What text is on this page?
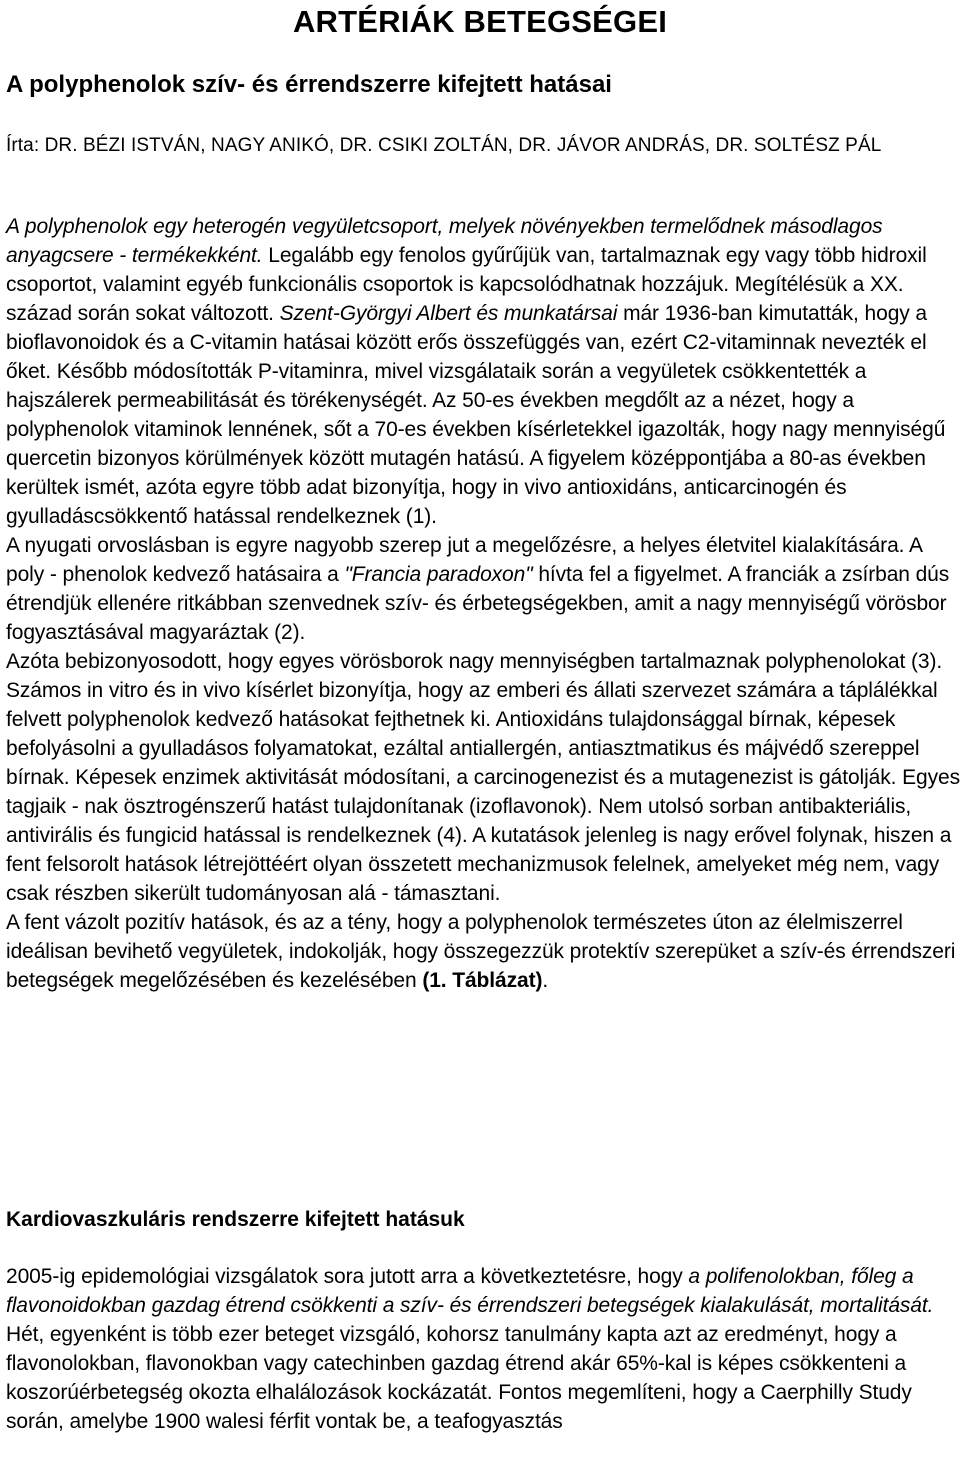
ARTÉRIÁK BETEGSÉGEI
A polyphenolok szív- és érrendszerre kifejtett hatásai

Írta: DR. BÉZI ISTVÁN, NAGY ANIKÓ, DR. CSIKI ZOLTÁN, DR. JÁVOR ANDRÁS, DR. SOLTÉSZ PÁL

A polyphenolok egy heterogén vegyületcsoport, melyek növényekben termelődnek másodlagos anyagcsere - termékekként. Legalább egy fenolos gyűrűjük van, tartalmaznak egy vagy több hidroxil csoportot, valamint egyéb funkcionális csoportok is kapcsolódhatnak hozzájuk. Megítélésük a XX. század során sokat változott. Szent-Györgyi Albert és munkatársai már 1936-ban kimutatták, hogy a bioflavonoidok és a C-vitamin hatásai között erős összefüggés van, ezért C2-vitaminnak nevezték el őket. Később módosították P-vitaminra, mivel vizsgálataik során a vegyületek csökkentették a hajszálerek permeabilitását és törékenységét. Az 50-es években megdőlt az a nézet, hogy a polyphenolok vitaminok lennének, sőt a 70-es években kísérletekkel igazolták, hogy nagy mennyiségű quercetin bizonyos körülmények között mutagén hatású. A figyelem középpontjába a 80-as években kerültek ismét, azóta egyre több adat bizonyítja, hogy in vivo antioxidáns, anticarcinogén és gyulladáscsökkentő hatással rendelkeznek (1).

A nyugati orvoslásban is egyre nagyobb szerep jut a megelőzésre, a helyes életvitel kialakítására. A poly - phenolok kedvező hatásaira a "Francia paradoxon" hívta fel a figyelmet. A franciák a zsírban dús étrendjük ellenére ritkábban szenvednek szív- és érbetegségekben, amit a nagy mennyiségű vörösbor fogyasztásával magyaráztak (2).

Azóta bebizonyosodott, hogy egyes vörösborok nagy mennyiségben tartalmaznak polyphenolokat (3). Számos in vitro és in vivo kísérlet bizonyítja, hogy az emberi és állati szervezet számára a táplálékkal felvett polyphenolok kedvező hatásokat fejthetnek ki. Antioxidáns tulajdonsággal bírnak, képesek befolyásolni a gyulladásos folyamatokat, ezáltal antiallergén, antiasztmatikus és májvédő szereppel bírnak. Képesek enzimek aktivitását módosítani, a carcinogenezist és a mutagenezist is gátolják. Egyes tagjaik - nak ösztrogénszerű hatást tulajdonítanak (izoflavonok). Nem utolsó sorban antibakteriális, antivirális és fungicid hatással is rendelkeznek (4). A kutatások jelenleg is nagy erővel folynak, hiszen a fent felsorolt hatások létrejöttéért olyan összetett mechanizmusok felelnek, amelyeket még nem, vagy csak részben sikerült tudományosan alá - támasztani.

A fent vázolt pozitív hatások, és az a tény, hogy a polyphenolok természetes úton az élelmiszerrel ideálisan bevihető vegyületek, indokolják, hogy összegezzük protektív szerepüket a szív-és érrendszeri betegségek megelőzésében és kezelésében (1. Táblázat).

Kardiovaszkuláris rendszerre kifejtett hatásuk

2005-ig epidemológiai vizsgálatok sora jutott arra a következtetésre, hogy a polifenolokban, főleg a flavonoidokban gazdag étrend csökkenti a szív- és érrendszeri betegségek kialakulását, mortalitását. Hét, egyenként is több ezer beteget vizsgáló, kohorsz tanulmány kapta azt az eredményt, hogy a flavonolokban, flavonokban vagy catechinben gazdag étrend akár 65%-kal is képes csökkenteni a koszorúérbetegség okozta elhalálozások kockázatát. Fontos megemlíteni, hogy a Caerphilly Study során, amelybe 1900 walesi férfit vontak be, a teafogyasztás
